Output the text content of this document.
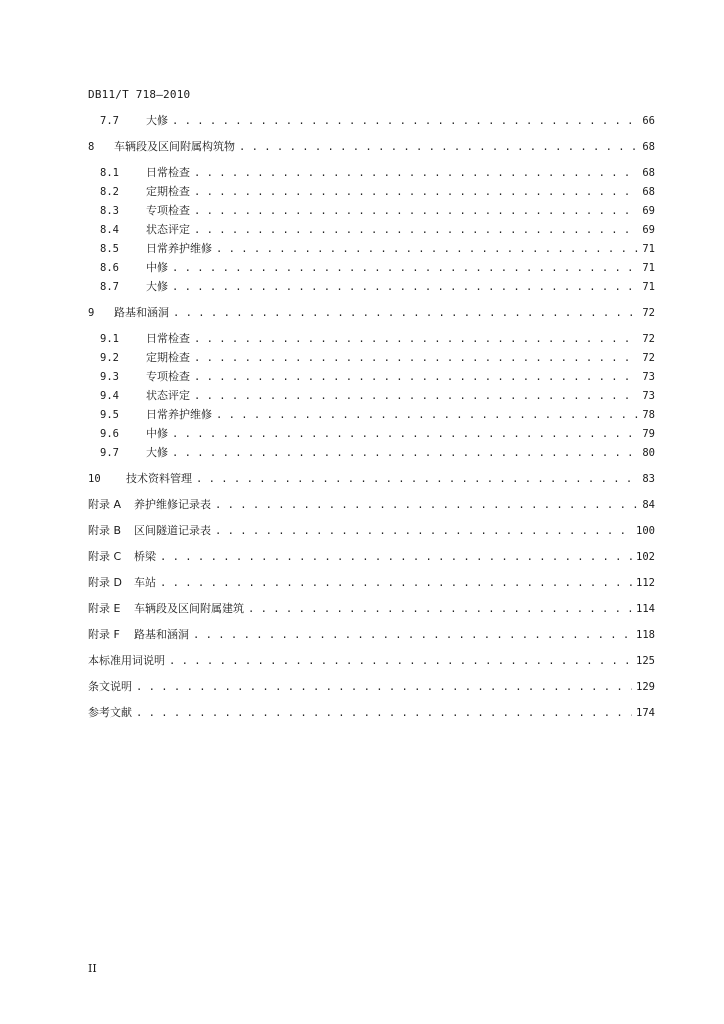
DB11/T 718—2010
7.7	大修 . . .	66
8	车辆段及区间附属构筑物 . . .	68
8.1	日常检查 . . .	68
8.2	定期检查 . . .	68
8.3	专项检查 . . .	69
8.4	状态评定 . . .	69
8.5	日常养护维修 . . .	71
8.6	中修 . . .	71
8.7	大修 . . .	71
9	路基和涵洞 . . .	72
9.1	日常检查 . . .	72
9.2	定期检查 . . .	72
9.3	专项检查 . . .	73
9.4	状态评定 . . .	73
9.5	日常养护维修 . . .	78
9.6	中修 . . .	79
9.7	大修 . . .	80
10	技术资料管理 . . .	83
附录 A	养护维修记录表 . . .	84
附录 B	区间隧道记录表 . . .	100
附录 C	桥梁 . . .	102
附录 D	车站 . . .	112
附录 E	车辆段及区间附属建筑 . . .	114
附录 F	路基和涵洞 . . .	118
本标准用词说明 . . .	125
条文说明 . . .	129
参考文献 . . .	174
II
